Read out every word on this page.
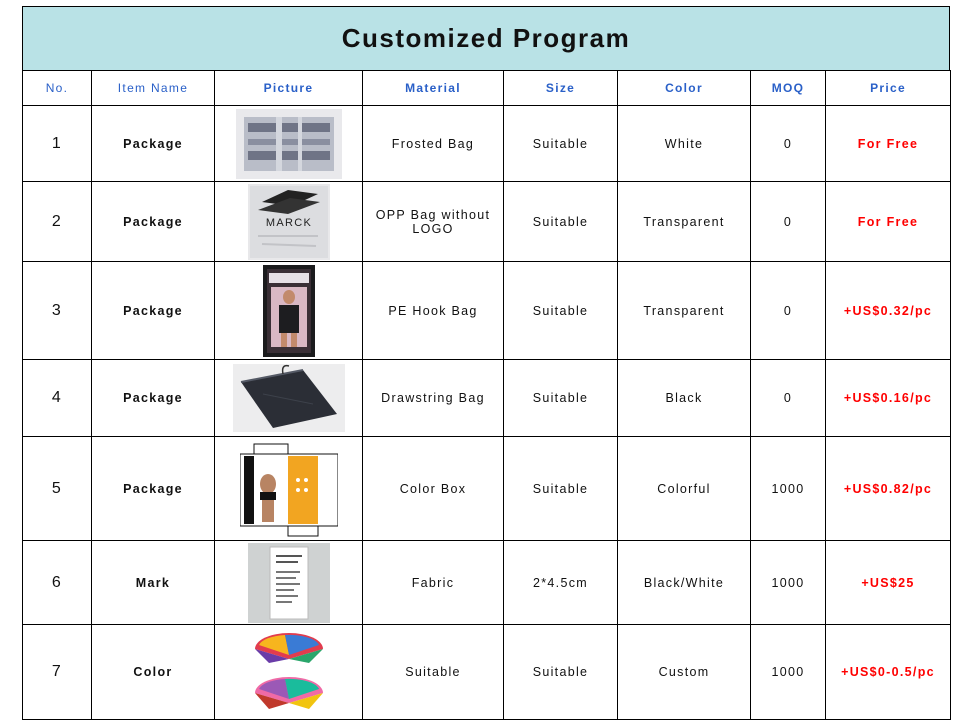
Customized Program
No.	Item Name	Picture	Material	Size	Color	MOQ	Price
1	Package		Frosted Bag	Suitable	White	0	For Free
2	Package	MARCK	OPP Bag without LOGO	Suitable	Transparent	0	For Free
3	Package		PE Hook Bag	Suitable	Transparent	0	+US$0.32/pc
4	Package		Drawstring Bag	Suitable	Black	0	+US$0.16/pc
5	Package		Color Box	Suitable	Colorful	1000	+US$0.82/pc
6	Mark		Fabric	2*4.5cm	Black/White	1000	+US$25
7	Color		Suitable	Suitable	Custom	1000	+US$0-0.5/pc
